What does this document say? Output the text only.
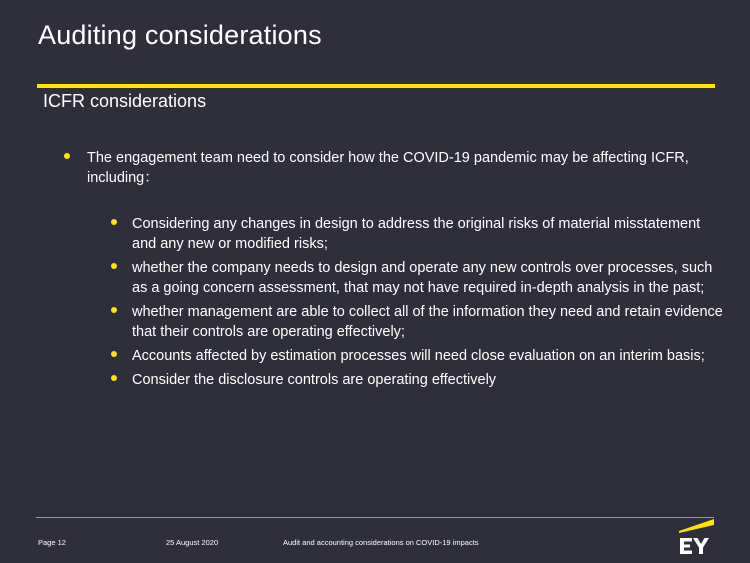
Auditing considerations
ICFR considerations
The engagement team need to consider how the COVID-19 pandemic may be affecting ICFR, including：
Considering any changes in design to address the original risks of material misstatement and any new or modified risks;
whether the company needs to design and operate any new controls over processes, such as a going concern assessment, that may not have required in-depth analysis in the past;
whether management are able to collect all of the information they need and retain evidence that their controls are operating effectively;
Accounts affected by estimation processes will need close evaluation on an interim basis;
Consider the disclosure controls are operating effectively
Page 12	25 August 2020	Audit and accounting considerations on COVID-19 impacts
